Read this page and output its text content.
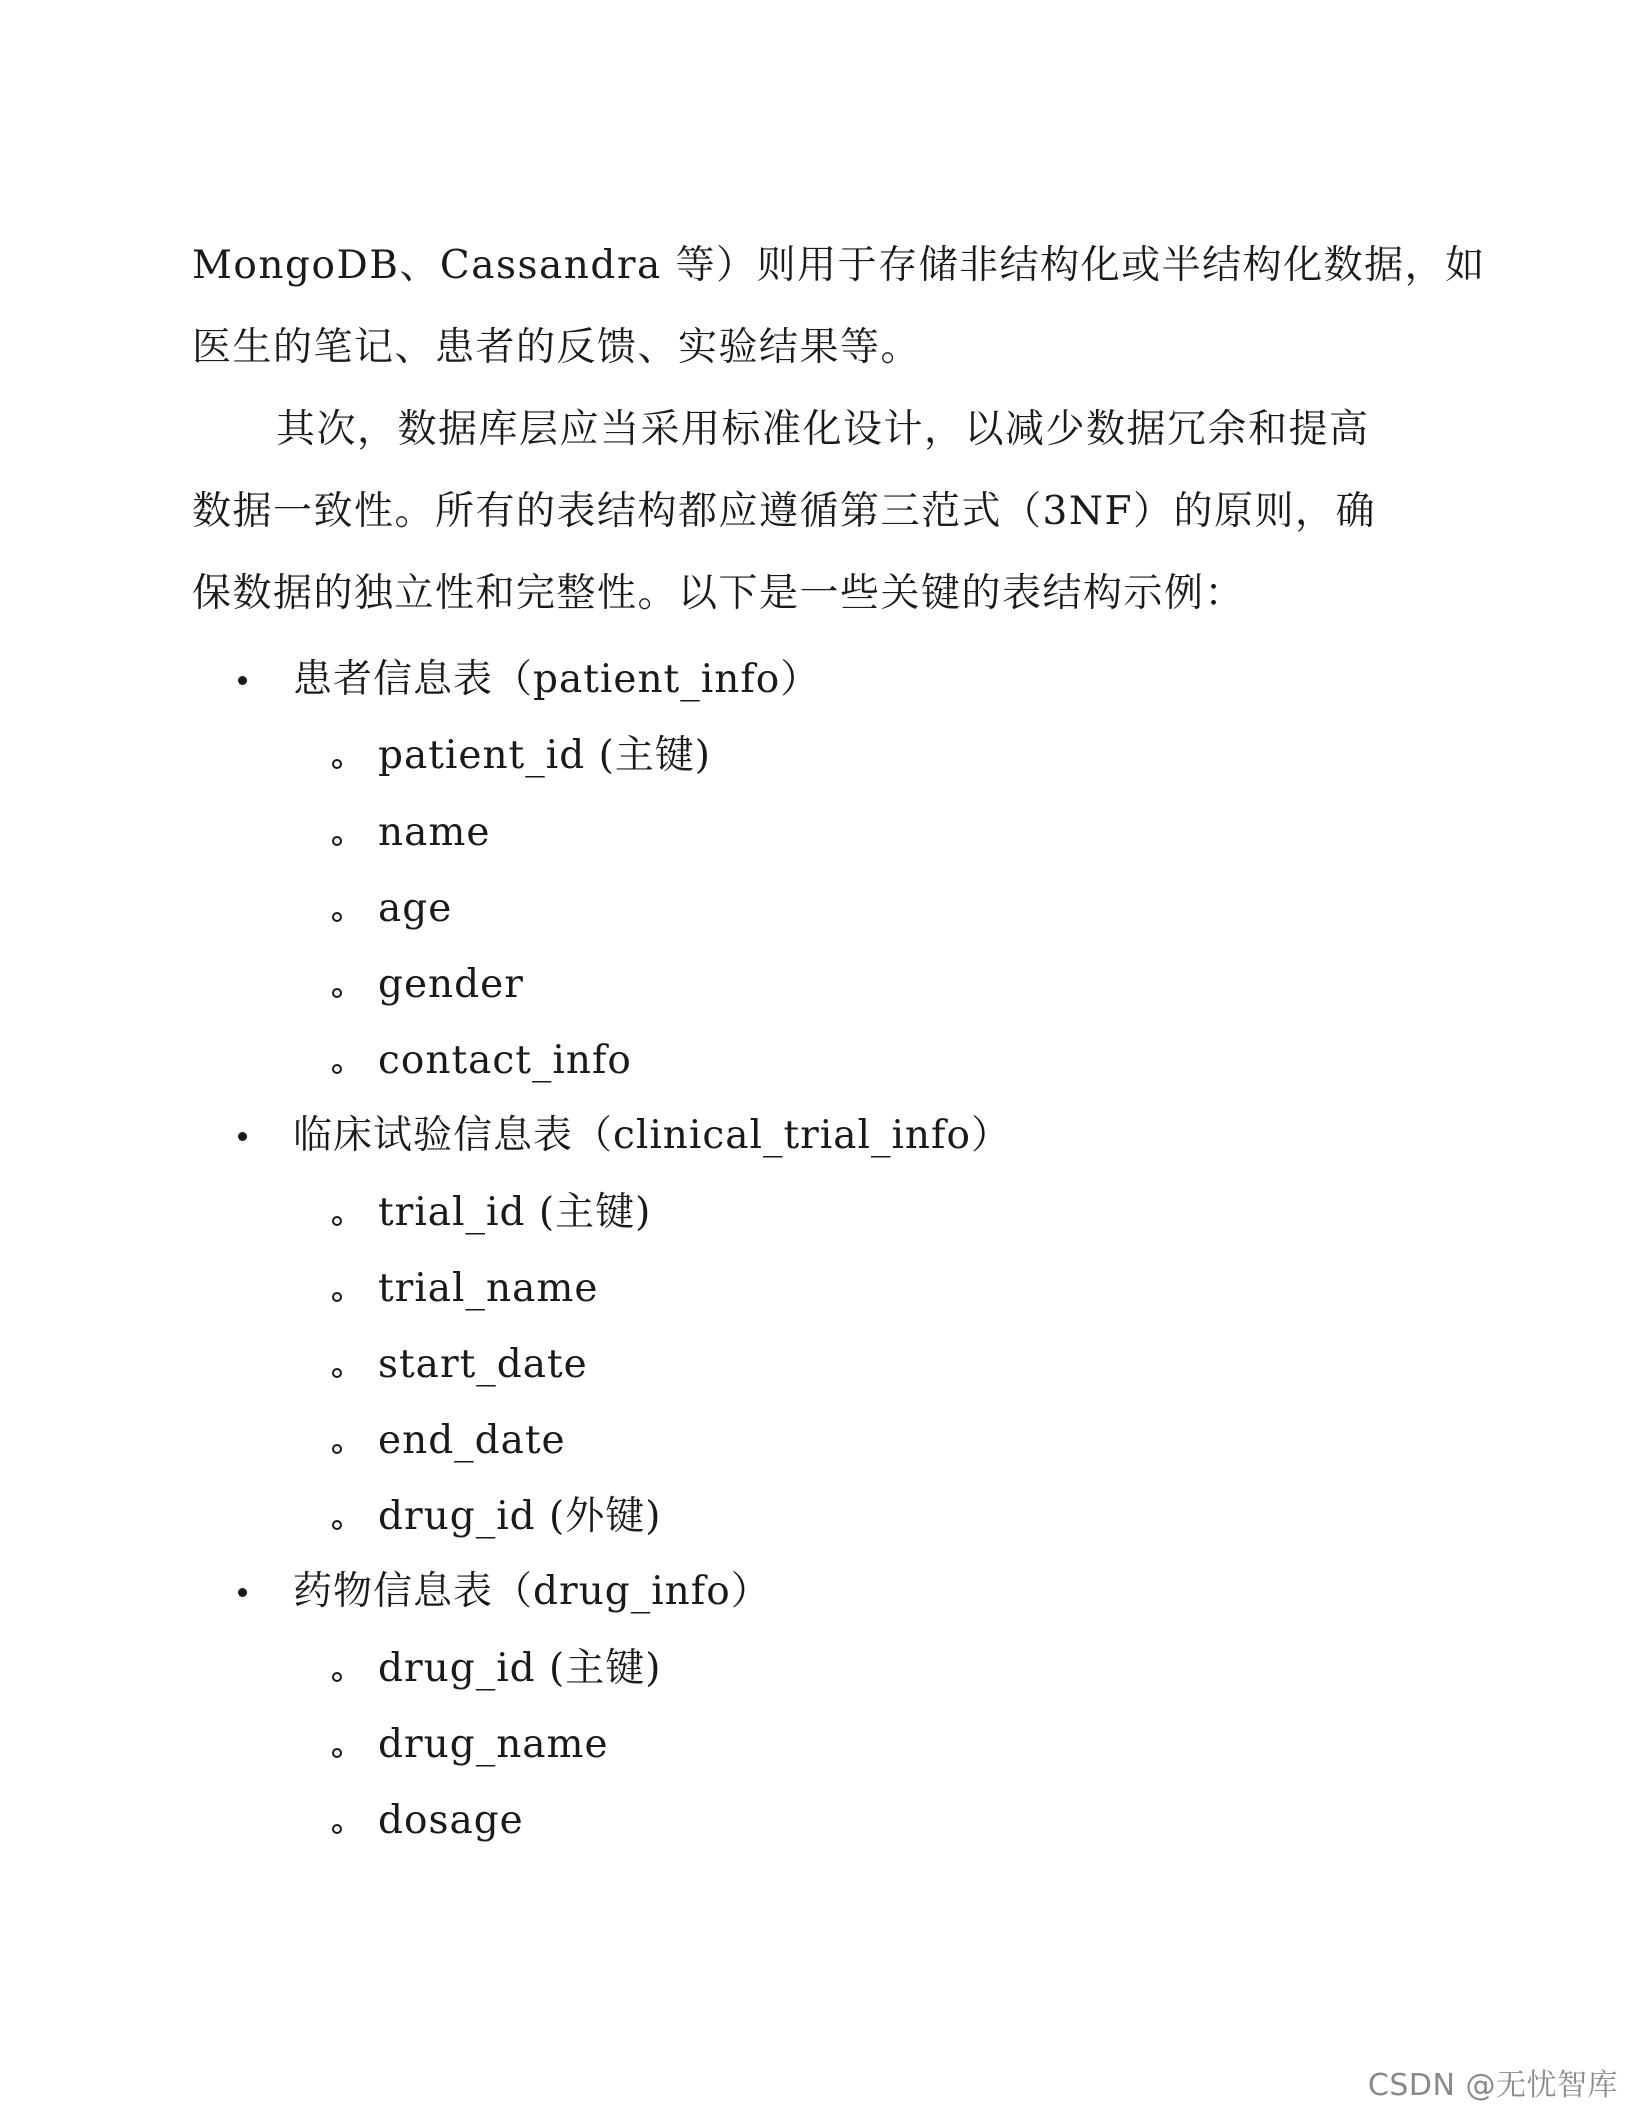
MongoDB、Cassandra 等）则用于存储非结构化或半结构化数据，如
医生的笔记、患者的反馈、实验结果等。
其次，数据库层应当采用标准化设计，以减少数据冗余和提高
数据一致性。所有的表结构都应遵循第三范式（3NF）的原则，确
保数据的独立性和完整性。以下是一些关键的表结构示例：
患者信息表（patient_info）
patient_id (主键)
name
age
gender
contact_info
临床试验信息表（clinical_trial_info）
trial_id (主键)
trial_name
start_date
end_date
drug_id (外键)
药物信息表（drug_info）
drug_id (主键)
drug_name
dosage
CSDN @无忧智库
